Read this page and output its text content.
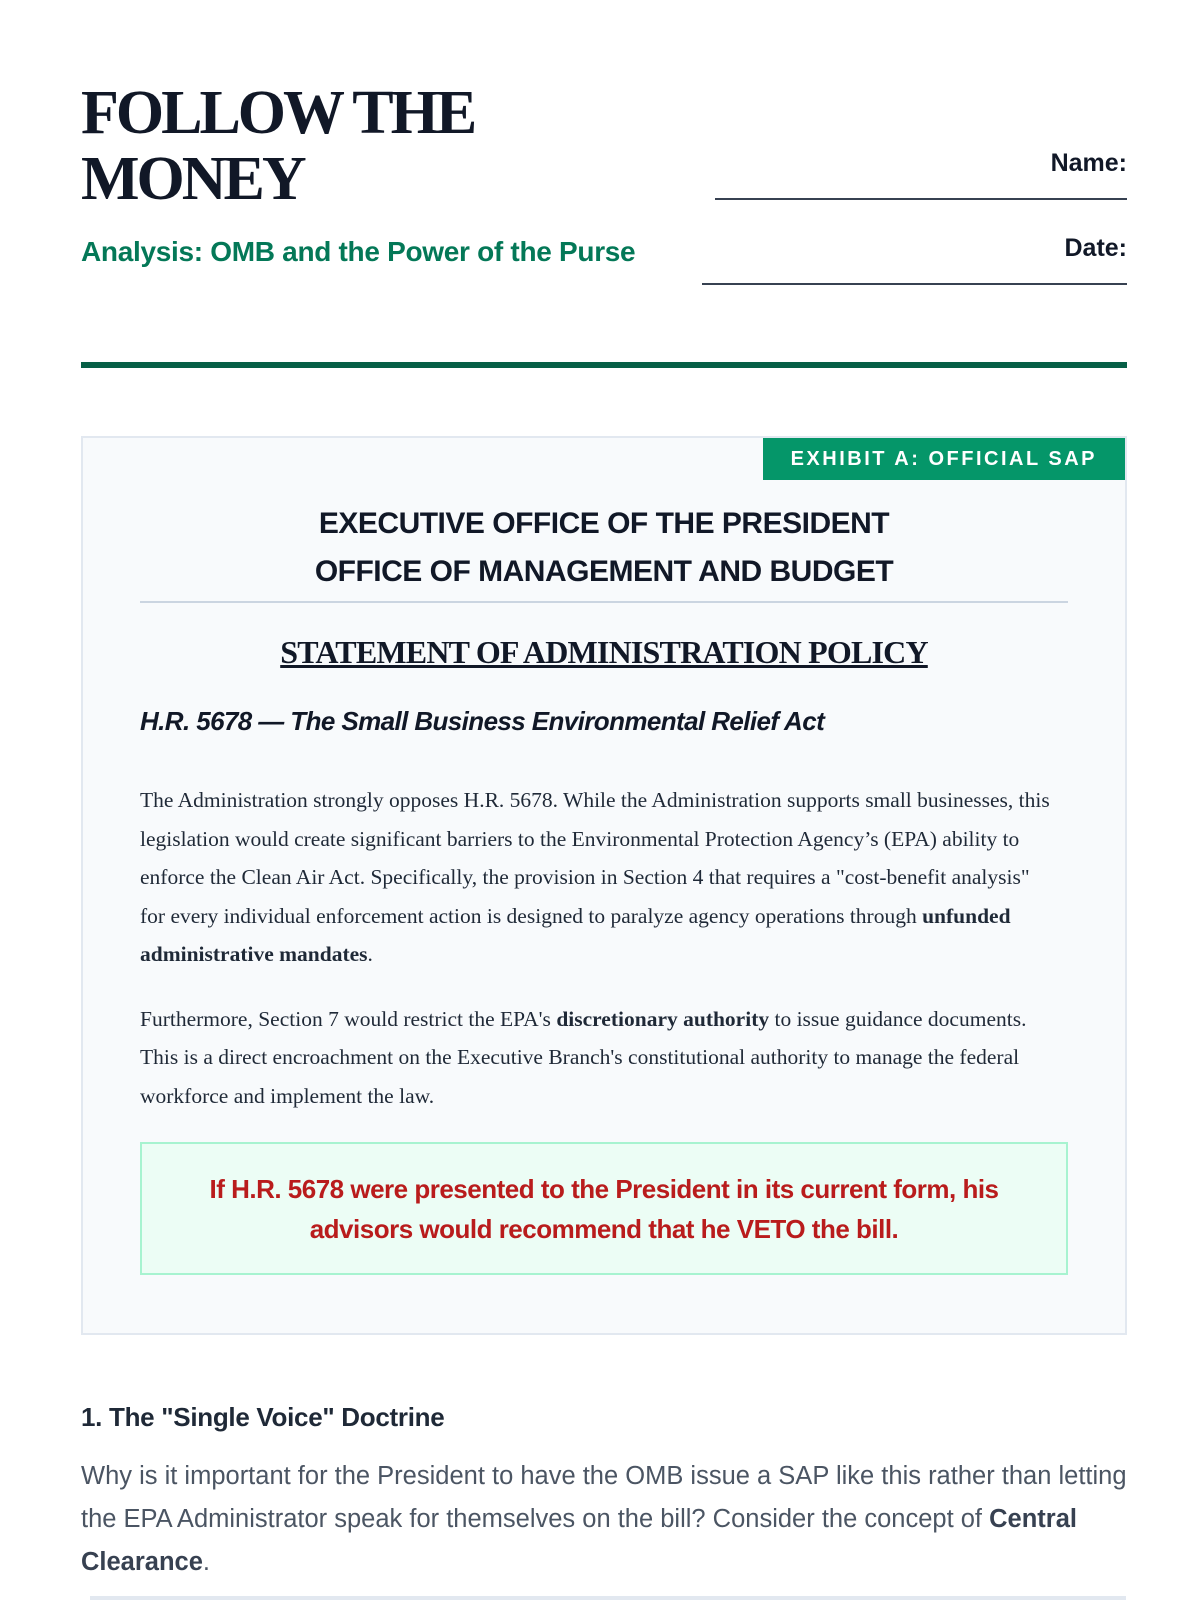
FOLLOW THE MONEY
Analysis: OMB and the Power of the Purse
Name:
Date:
EXHIBIT A: OFFICIAL SAP
EXECUTIVE OFFICE OF THE PRESIDENT
OFFICE OF MANAGEMENT AND BUDGET
STATEMENT OF ADMINISTRATION POLICY
H.R. 5678 — The Small Business Environmental Relief Act

The Administration strongly opposes H.R. 5678. While the Administration supports small businesses, this legislation would create significant barriers to the Environmental Protection Agency’s (EPA) ability to enforce the Clean Air Act. Specifically, the provision in Section 4 that requires a "cost-benefit analysis" for every individual enforcement action is designed to paralyze agency operations through unfunded administrative mandates.

Furthermore, Section 7 would restrict the EPA's discretionary authority to issue guidance documents. This is a direct encroachment on the Executive Branch's constitutional authority to manage the federal workforce and implement the law.

If H.R. 5678 were presented to the President in its current form, his advisors would recommend that he VETO the bill.
1. The "Single Voice" Doctrine

Why is it important for the President to have the OMB issue a SAP like this rather than letting the EPA Administrator speak for themselves on the bill? Consider the concept of Central Clearance.
